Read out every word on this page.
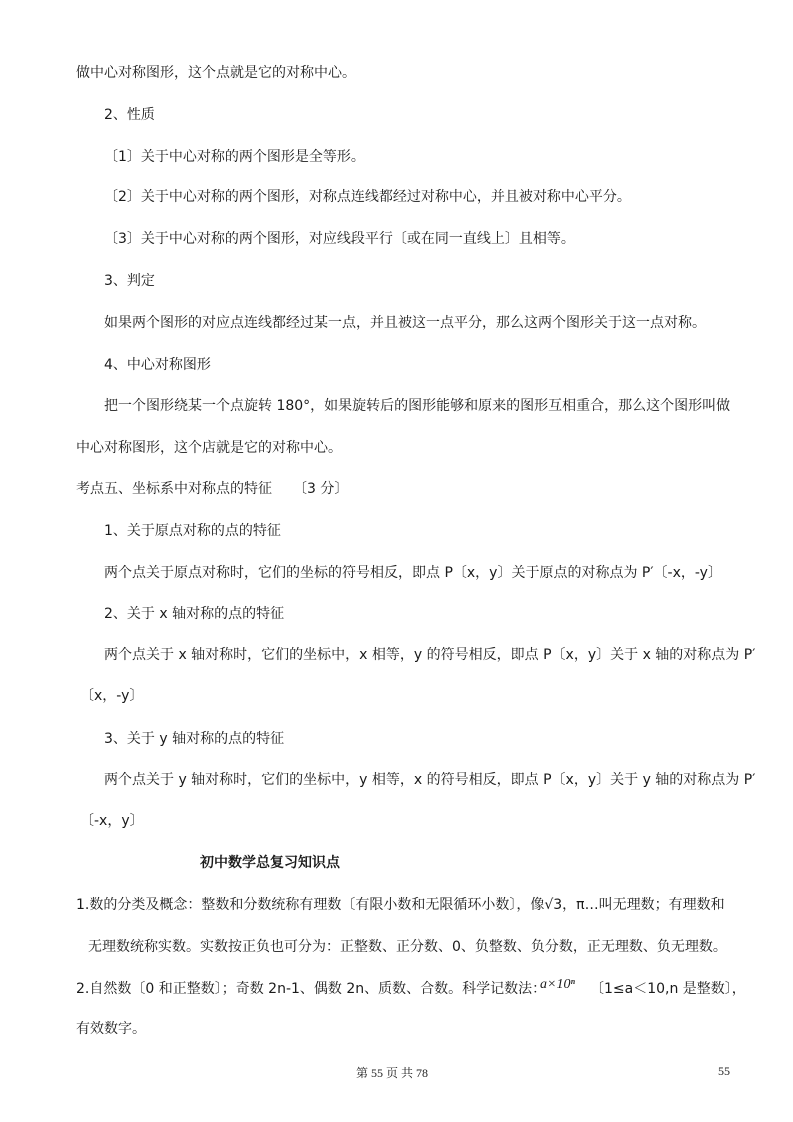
做中心对称图形，这个点就是它的对称中心。
2、性质
〔1〕关于中心对称的两个图形是全等形。
〔2〕关于中心对称的两个图形，对称点连线都经过对称中心，并且被对称中心平分。
〔3〕关于中心对称的两个图形，对应线段平行〔或在同一直线上〕且相等。
3、判定
如果两个图形的对应点连线都经过某一点，并且被这一点平分，那么这两个图形关于这一点对称。
4、中心对称图形
把一个图形绕某一个点旋转 180°，如果旋转后的图形能够和原来的图形互相重合，那么这个图形叫做
中心对称图形，这个店就是它的对称中心。
考点五、坐标系中对称点的特征　　〔3 分〕
1、关于原点对称的点的特征
两个点关于原点对称时，它们的坐标的符号相反，即点 P〔x，y〕关于原点的对称点为 P′〔-x，-y〕
2、关于 x 轴对称的点的特征
两个点关于 x 轴对称时，它们的坐标中，x 相等，y 的符号相反，即点 P〔x，y〕关于 x 轴的对称点为 P′
〔x，-y〕
3、关于 y 轴对称的点的特征
两个点关于 y 轴对称时，它们的坐标中，y 相等，x 的符号相反，即点 P〔x，y〕关于 y 轴的对称点为 P′
〔-x，y〕
初中数学总复习知识点
1.数的分类及概念：整数和分数统称有理数〔有限小数和无限循环小数〕，像√3，π…叫无理数；有理数和
无理数统称实数。实数按正负也可分为：正整数、正分数、0、负整数、负分数，正无理数、负无理数。
2.自然数〔0 和正整数〕；奇数 2n-1、偶数 2n、质数、合数。科学记数法：
a×10ⁿ 〔1≤a＜10,n 是整数〕，
有效数字。
第 55 页 共 78	55
